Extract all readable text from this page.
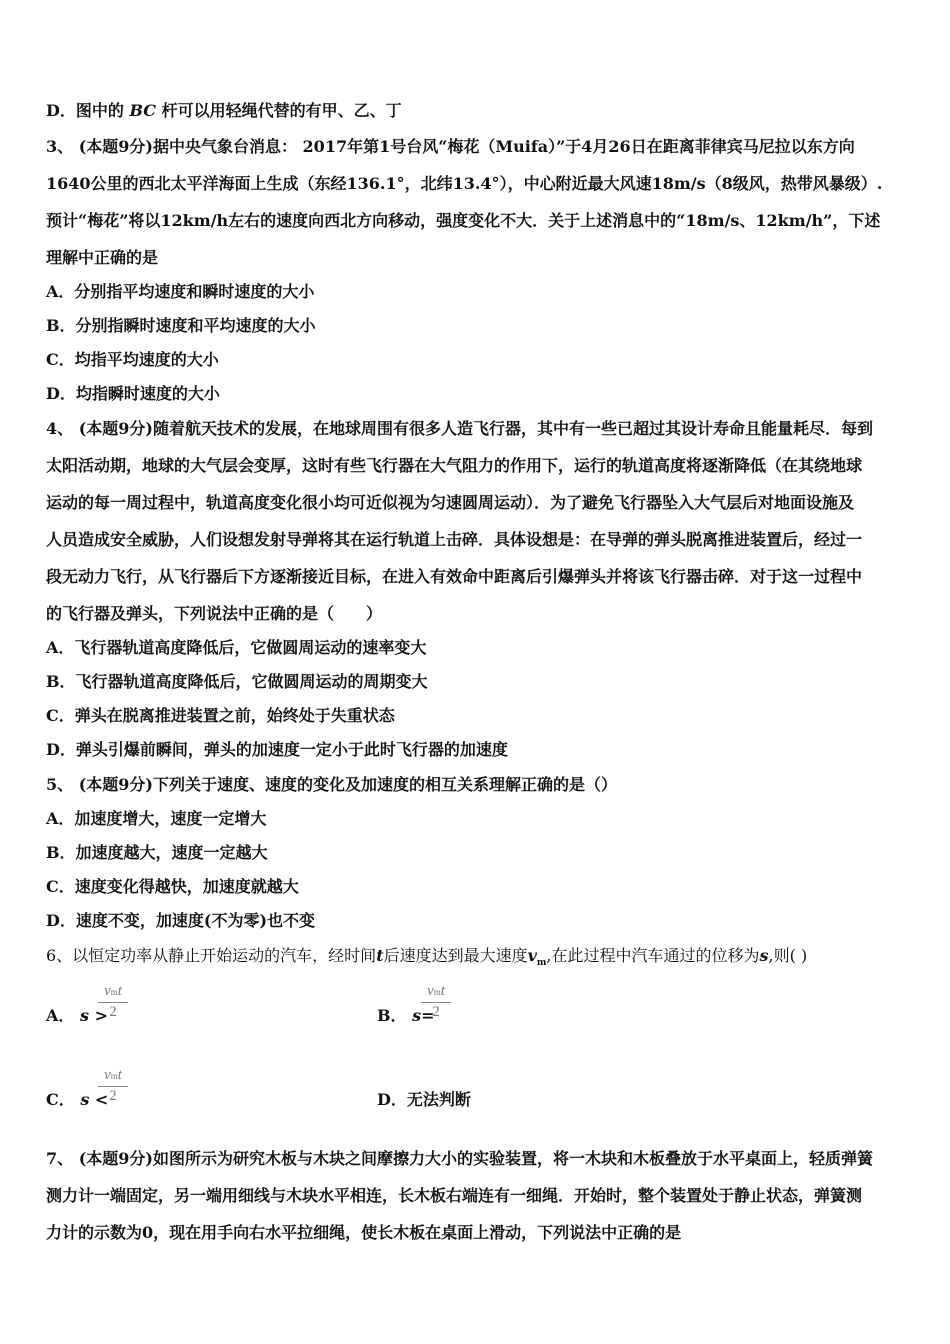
D．图中的 BC 杆可以用轻绳代替的有甲、乙、丁
3、 (本题9分)据中央气象台消息： 2017年第1号台风“梅花（Muifa）”于4月26日在距离菲律宾马尼拉以东方向
1640公里的西北太平洋海面上生成（东经136.1°，北纬13.4°），中心附近最大风速18m/s（8级风，热带风暴级）.
预计“梅花”将以12km/h左右的速度向西北方向移动，强度变化不大．关于上述消息中的“18m/s、12km/h”，下述
理解中正确的是
A．分别指平均速度和瞬时速度的大小
B．分别指瞬时速度和平均速度的大小
C．均指平均速度的大小
D．均指瞬时速度的大小
4、 (本题9分)随着航天技术的发展，在地球周围有很多人造飞行器，其中有一些已超过其设计寿命且能量耗尽．每到
太阳活动期，地球的大气层会变厚，这时有些飞行器在大气阻力的作用下，运行的轨道高度将逐渐降低（在其绕地球
运动的每一周过程中，轨道高度变化很小均可近似视为匀速圆周运动）．为了避免飞行器坠入大气层后对地面设施及
人员造成安全威胁，人们设想发射导弹将其在运行轨道上击碎．具体设想是：在导弹的弹头脱离推进装置后，经过一
段无动力飞行，从飞行器后下方逐渐接近目标，在进入有效命中距离后引爆弹头并将该飞行器击碎．对于这一过程中
的飞行器及弹头，下列说法中正确的是（　　）
A．飞行器轨道高度降低后，它做圆周运动的速率变大
B．飞行器轨道高度降低后，它做圆周运动的周期变大
C．弹头在脱离推进装置之前，始终处于失重状态
D．弹头引爆前瞬间，弹头的加速度一定小于此时飞行器的加速度
5、 (本题9分)下列关于速度、速度的变化及加速度的相互关系理解正确的是（）
A．加速度增大，速度一定增大
B．加速度越大，速度一定越大
C．速度变化得越快，加速度就越大
D．速度不变，加速度(不为零)也不变
6、以恒定功率从静止开始运动的汽车，经时间t后速度达到最大速度$v_m$,在此过程中汽车通过的位移为s,则( )
A． s >
vmt
2	B． s=
vmt
2
C． s <
vmt
2	D．无法判断
7、 (本题9分)如图所示为研究木板与木块之间摩擦力大小的实验装置，将一木块和木板叠放于水平桌面上，轻质弹簧
测力计一端固定，另一端用细线与木块水平相连，长木板右端连有一细绳．开始时，整个装置处于静止状态，弹簧测
力计的示数为0，现在用手向右水平拉细绳，使长木板在桌面上滑动，下列说法中正确的是
